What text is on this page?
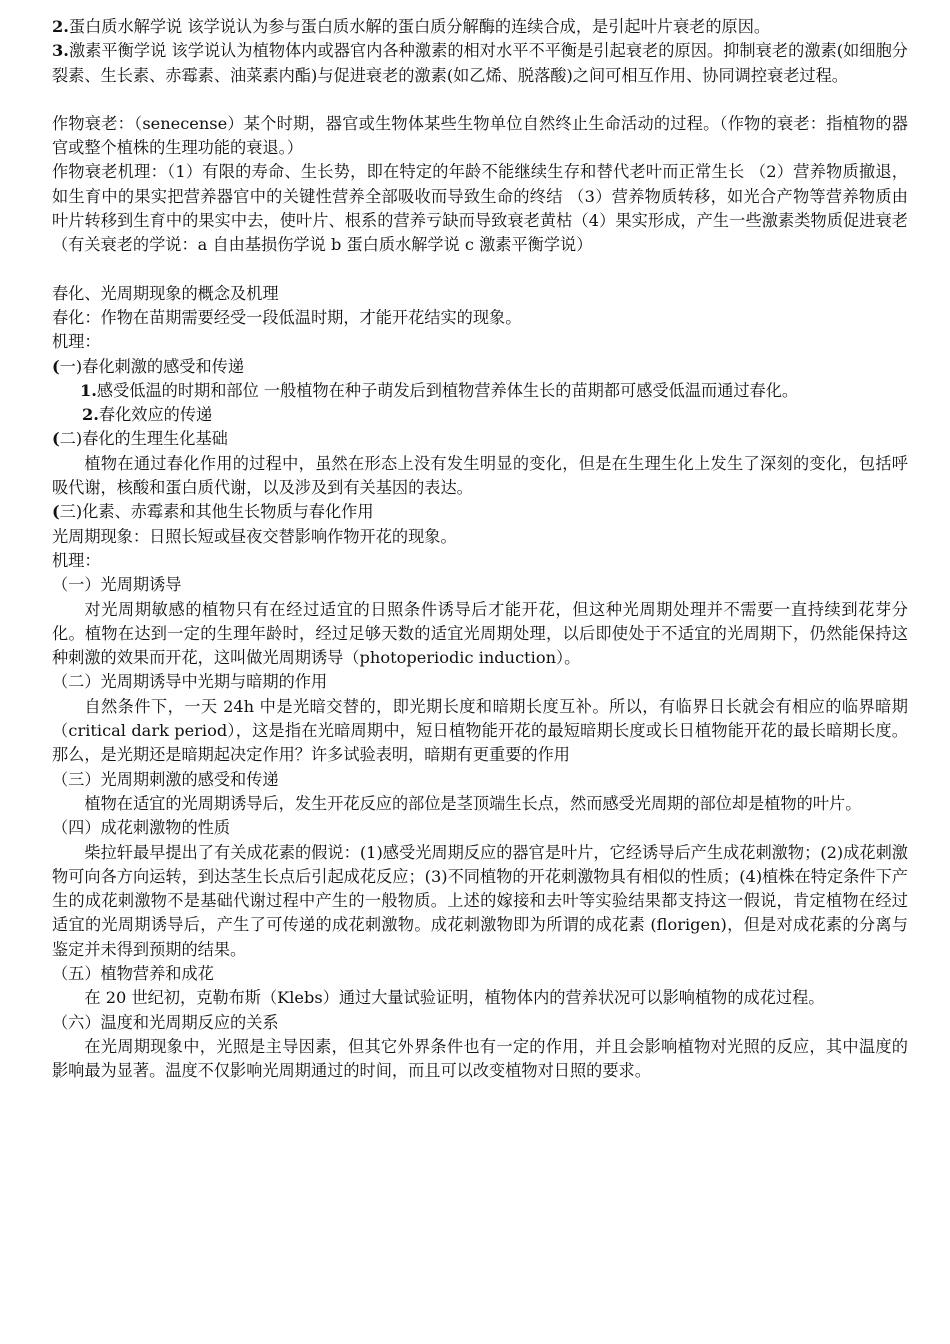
2.蛋白质水解学说 该学说认为参与蛋白质水解的蛋白质分解酶的连续合成，是引起叶片衰老的原因。

3.激素平衡学说 该学说认为植物体内或器官内各种激素的相对水平不平衡是引起衰老的原因。抑制衰老的激素(如细胞分裂素、生长素、赤霉素、油菜素内酯)与促进衰老的激素(如乙烯、脱落酸)之间可相互作用、协同调控衰老过程。

作物衰老：（senecense）某个时期，器官或生物体某些生物单位自然终止生命活动的过程。（作物的衰老：指植物的器官或整个植株的生理功能的衰退。）

作物衰老机理：（1）有限的寿命、生长势，即在特定的年龄不能继续生存和替代老叶而正常生长 （2）营养物质撤退，如生育中的果实把营养器官中的关键性营养全部吸收而导致生命的终结 （3）营养物质转移，如光合产物等营养物质由叶片转移到生育中的果实中去，使叶片、根系的营养亏缺而导致衰老黄枯（4）果实形成，产生一些激素类物质促进衰老（有关衰老的学说：a 自由基损伤学说 b 蛋白质水解学说 c 激素平衡学说）

春化、光周期现象的概念及机理

春化：作物在苗期需要经受一段低温时期，才能开花结实的现象。

机理：

(一)春化刺激的感受和传递

1.感受低温的时期和部位 一般植物在种子萌发后到植物营养体生长的苗期都可感受低温而通过春化。

2.春化效应的传递

(二)春化的生理生化基础

植物在通过春化作用的过程中，虽然在形态上没有发生明显的变化，但是在生理生化上发生了深刻的变化，包括呼吸代谢，核酸和蛋白质代谢，以及涉及到有关基因的表达。

(三)化素、赤霉素和其他生长物质与春化作用

光周期现象：日照长短或昼夜交替影响作物开花的现象。

机理：

（一）光周期诱导

对光周期敏感的植物只有在经过适宜的日照条件诱导后才能开花，但这种光周期处理并不需要一直持续到花芽分化。植物在达到一定的生理年龄时，经过足够天数的适宜光周期处理，以后即使处于不适宜的光周期下，仍然能保持这种刺激的效果而开花，这叫做光周期诱导（photoperiodic induction）。

（二）光周期诱导中光期与暗期的作用

自然条件下，一天 24h 中是光暗交替的，即光期长度和暗期长度互补。所以，有临界日长就会有相应的临界暗期（critical dark period），这是指在光暗周期中，短日植物能开花的最短暗期长度或长日植物能开花的最长暗期长度。那么，是光期还是暗期起决定作用？许多试验表明，暗期有更重要的作用

（三）光周期刺激的感受和传递

植物在适宜的光周期诱导后，发生开花反应的部位是茎顶端生长点，然而感受光周期的部位却是植物的叶片。

（四）成花刺激物的性质

柴拉轩最早提出了有关成花素的假说：(1)感受光周期反应的器官是叶片，它经诱导后产生成花刺激物；(2)成花刺激物可向各方向运转，到达茎生长点后引起成花反应；(3)不同植物的开花刺激物具有相似的性质；(4)植株在特定条件下产生的成花刺激物不是基础代谢过程中产生的一般物质。上述的嫁接和去叶等实验结果都支持这一假说，肯定植物在经过适宜的光周期诱导后，产生了可传递的成花刺激物。成花刺激物即为所谓的成花素 (florigen)，但是对成花素的分离与鉴定并未得到预期的结果。

（五）植物营养和成花

在 20 世纪初，克勒布斯（Klebs）通过大量试验证明，植物体内的营养状况可以影响植物的成花过程。

（六）温度和光周期反应的关系

在光周期现象中，光照是主导因素，但其它外界条件也有一定的作用，并且会影响植物对光照的反应，其中温度的影响最为显著。温度不仅影响光周期通过的时间，而且可以改变植物对日照的要求。
